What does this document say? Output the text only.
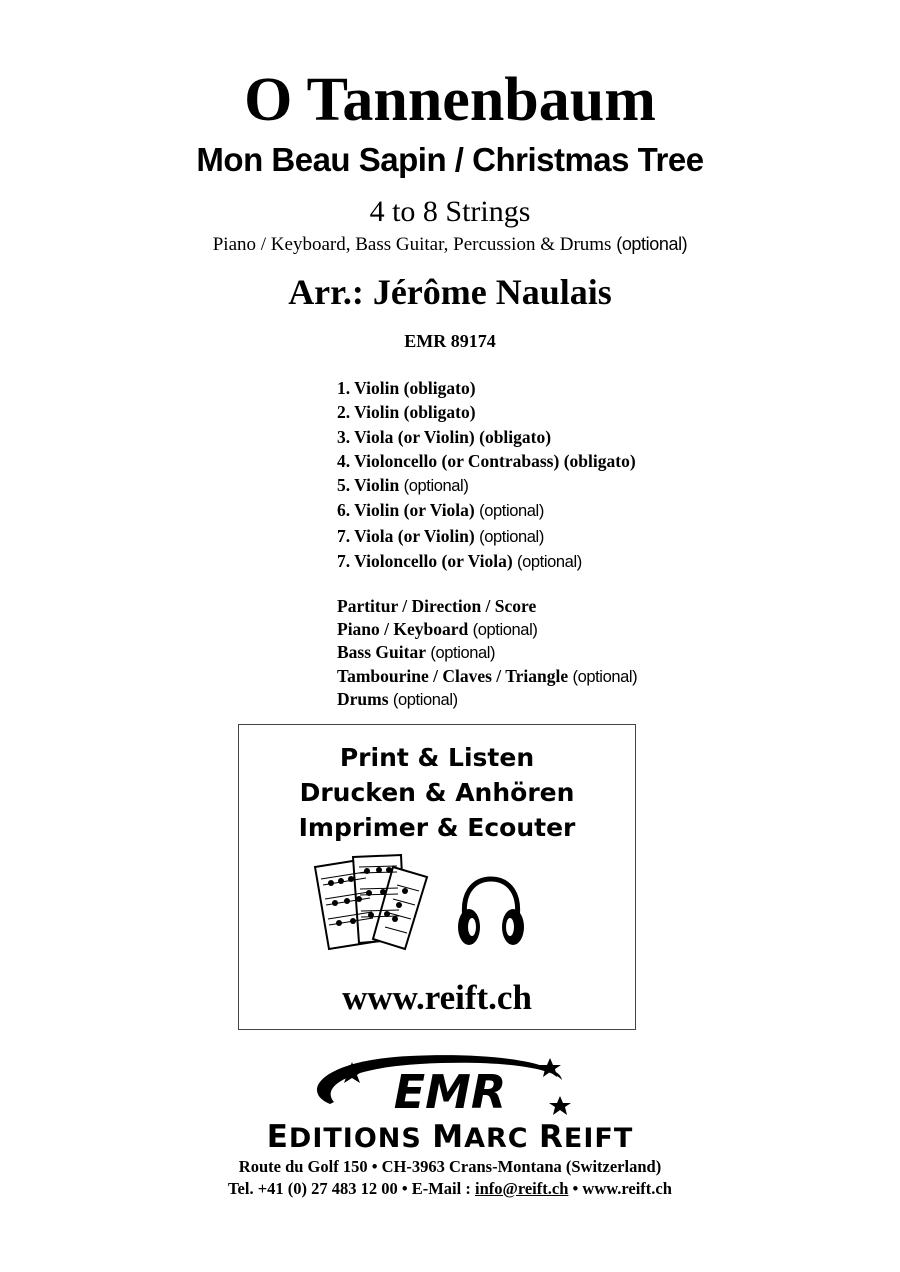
O Tannenbaum
Mon Beau Sapin / Christmas Tree
4 to 8 Strings
Piano / Keyboard, Bass Guitar, Percussion & Drums (optional)
Arr.: Jérôme Naulais
EMR 89174
1. Violin (obligato)
2. Violin (obligato)
3. Viola (or Violin) (obligato)
4. Violoncello (or Contrabass) (obligato)
5. Violin (optional)
6. Violin (or Viola) (optional)
7. Viola (or Violin) (optional)
7. Violoncello (or Viola) (optional)
Partitur / Direction / Score
Piano / Keyboard (optional)
Bass Guitar (optional)
Tambourine / Claves / Triangle (optional)
Drums (optional)
Print & Listen
Drucken & Anhören
Imprimer & Ecouter
www.reift.ch
EMR
EDITIONS MARC REIFT
Route du Golf 150 • CH-3963 Crans-Montana (Switzerland)
Tel. +41 (0) 27 483 12 00 • E-Mail : info@reift.ch • www.reift.ch
